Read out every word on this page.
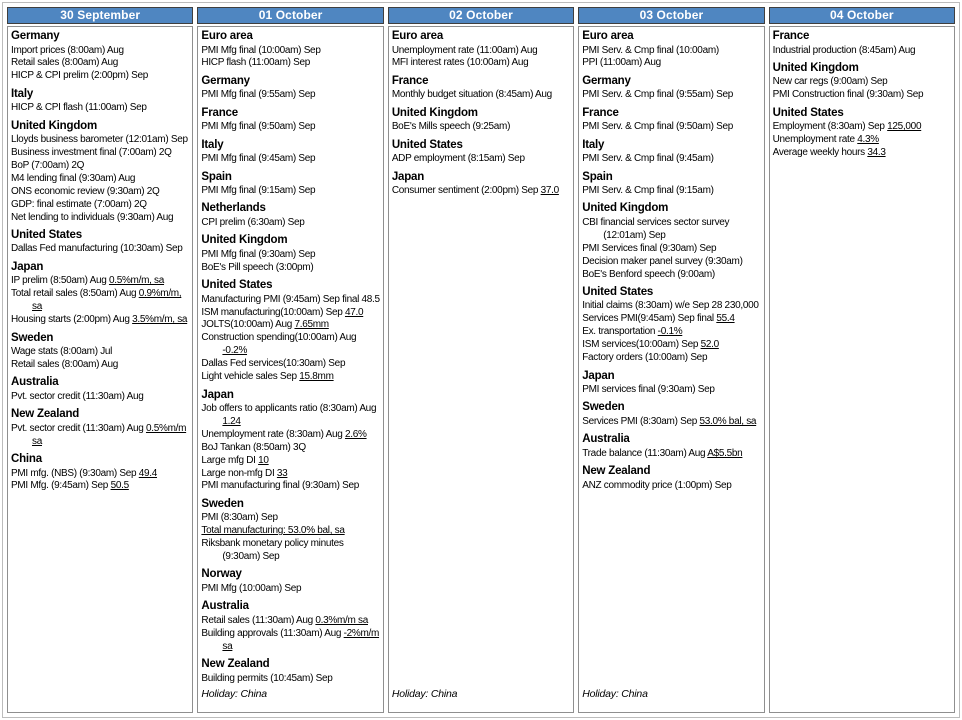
30 September
Germany
Import prices (8:00am) Aug
Retail sales (8:00am) Aug
HICP & CPI prelim (2:00pm) Sep
Italy
HICP & CPI flash (11:00am) Sep
United Kingdom
Lloyds business barometer (12:01am) Sep
Business investment final (7:00am) 2Q
BoP (7:00am) 2Q
M4 lending final (9:30am) Aug
ONS economic review (9:30am) 2Q
GDP: final estimate (7:00am) 2Q
Net lending to individuals (9:30am) Aug
United States
Dallas Fed manufacturing (10:30am) Sep
Japan
IP prelim (8:50am) Aug 0.5%m/m, sa
Total retail sales (8:50am) Aug 0.9%m/m, sa
Housing starts (2:00pm) Aug 3.5%m/m, sa
Sweden
Wage stats (8:00am) Jul
Retail sales (8:00am) Aug
Australia
Pvt. sector credit (11:30am) Aug
New Zealand
Pvt. sector credit (11:30am) Aug 0.5%m/m sa
China
PMI mfg. (NBS) (9:30am) Sep 49.4
PMI Mfg. (9:45am) Sep 50.5
01 October
Euro area
PMI Mfg final (10:00am) Sep
HICP flash (11:00am) Sep
Germany
PMI Mfg final (9:55am) Sep
France
PMI Mfg final (9:50am) Sep
Italy
PMI Mfg final (9:45am) Sep
Spain
PMI Mfg final (9:15am) Sep
Netherlands
CPI prelim (6:30am) Sep
United Kingdom
PMI Mfg final (9:30am) Sep
BoE's Pill speech (3:00pm)
United States
Manufacturing PMI (9:45am) Sep final 48.5
ISM manufacturing(10:00am) Sep 47.0
JOLTS(10:00am) Aug 7.65mm
Construction spending(10:00am) Aug -0.2%
Dallas Fed services(10:30am) Sep
Light vehicle sales Sep 15.8mm
Japan
Job offers to applicants ratio (8:30am) Aug 1.24
Unemployment rate (8:30am) Aug 2.6%
BoJ Tankan (8:50am) 3Q
Large mfg DI 10
Large non-mfg DI 33
PMI manufacturing final (9:30am) Sep
Sweden
PMI (8:30am) Sep
Total manufacturing: 53.0% bal, sa
Riksbank monetary policy minutes (9:30am) Sep
Norway
PMI Mfg (10:00am) Sep
Australia
Retail sales (11:30am) Aug 0.3%m/m sa
Building approvals (11:30am) Aug -2%m/m sa
New Zealand
Building permits (10:45am) Sep
Holiday: China
02 October
Euro area
Unemployment rate (11:00am) Aug
MFI interest rates (10:00am) Aug
France
Monthly budget situation (8:45am) Aug
United Kingdom
BoE's Mills speech (9:25am)
United States
ADP employment (8:15am) Sep
Japan
Consumer sentiment (2:00pm) Sep 37.0
Holiday: China
03 October
Euro area
PMI Serv. & Cmp final (10:00am)
PPI (11:00am) Aug
Germany
PMI Serv. & Cmp final (9:55am) Sep
France
PMI Serv. & Cmp final (9:50am) Sep
Italy
PMI Serv. & Cmp final (9:45am)
Spain
PMI Serv. & Cmp final (9:15am)
United Kingdom
CBI financial services sector survey (12:01am) Sep
PMI Services final (9:30am) Sep
Decision maker panel survey (9:30am)
BoE's Benford speech (9:00am)
United States
Initial claims (8:30am) w/e Sep 28 230,000
Services PMI(9:45am) Sep final 55.4
Ex. transportation -0.1%
ISM services(10:00am) Sep 52.0
Factory orders (10:00am) Sep
Japan
PMI services final (9:30am) Sep
Sweden
Services PMI (8:30am) Sep 53.0% bal, sa
Australia
Trade balance (11:30am) Aug A$5.5bn
New Zealand
ANZ commodity price (1:00pm) Sep
Holiday: China
04 October
France
Industrial production (8:45am) Aug
United Kingdom
New car regs (9:00am) Sep
PMI Construction final (9:30am) Sep
United States
Employment (8:30am) Sep 125,000
Unemployment rate 4.3%
Average weekly hours 34.3
